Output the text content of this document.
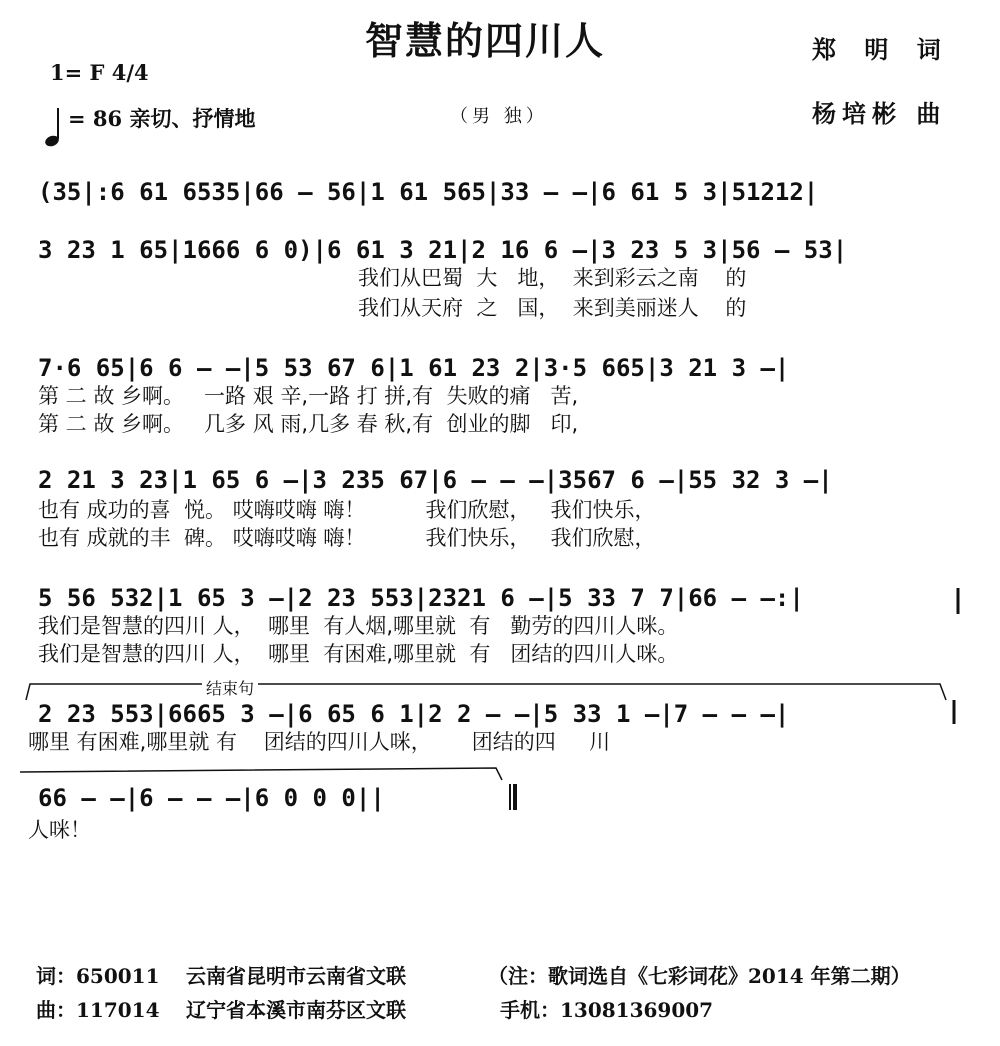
智慧的四川人
1= F 4/4
= 86 亲切、抒情地	（男 独）
郑 明 词
杨培彬 曲
(35|:6 61 6535|66 — 56|1 61 565|33 — —|6 61 5 3|51212|
3 23 1 65|1666 6 0)|6 61 3 21|2 16 6 —|3 23 5 3|56 — 53|
我们从巴蜀  大   地，  来到彩云之南    的
我们从天府  之   国，  来到美丽迷人    的
7·6 65|6 6 — —|5 53 67 6|1 61 23 2|3·5 665|3 21 3 —|
第 二 故 乡啊。   一路 艰 辛,一路 打 拼,有  失败的痛   苦,
第 二 故 乡啊。   几多 风 雨,几多 春 秋,有  创业的脚   印,
2 21 3 23|1 65 6 —|3 235 67|6 — — —|3567 6 —|55 32 3 —|
也有 成功的喜  悦。 哎嗨哎嗨 嗨！         我们欣慰，   我们快乐，
也有 成就的丰  碑。 哎嗨哎嗨 嗨！         我们快乐，   我们欣慰，
5 56 532|1 65 3 —|2 23 553|2321 6 —|5 33 7 7|66 — —:|
我们是智慧的四川 人，  哪里  有人烟,哪里就  有   勤劳的四川人咪。
我们是智慧的四川 人，  哪里  有困难,哪里就  有   团结的四川人咪。
结束句
2 23 553|6665 3 —|6 65 6 1|2 2 — —|5 33 1 —|7 — — —|
哪里 有困难,哪里就 有    团结的四川人咪，      团结的四     川
66 — —|6 — — —|6 0 0 0||
人咪！
词：650011 云南省昆明市云南省文联	（注：歌词选自《七彩词花》2014 年第二期）
曲：117014 辽宁省本溪市南芬区文联	手机：13081369007
